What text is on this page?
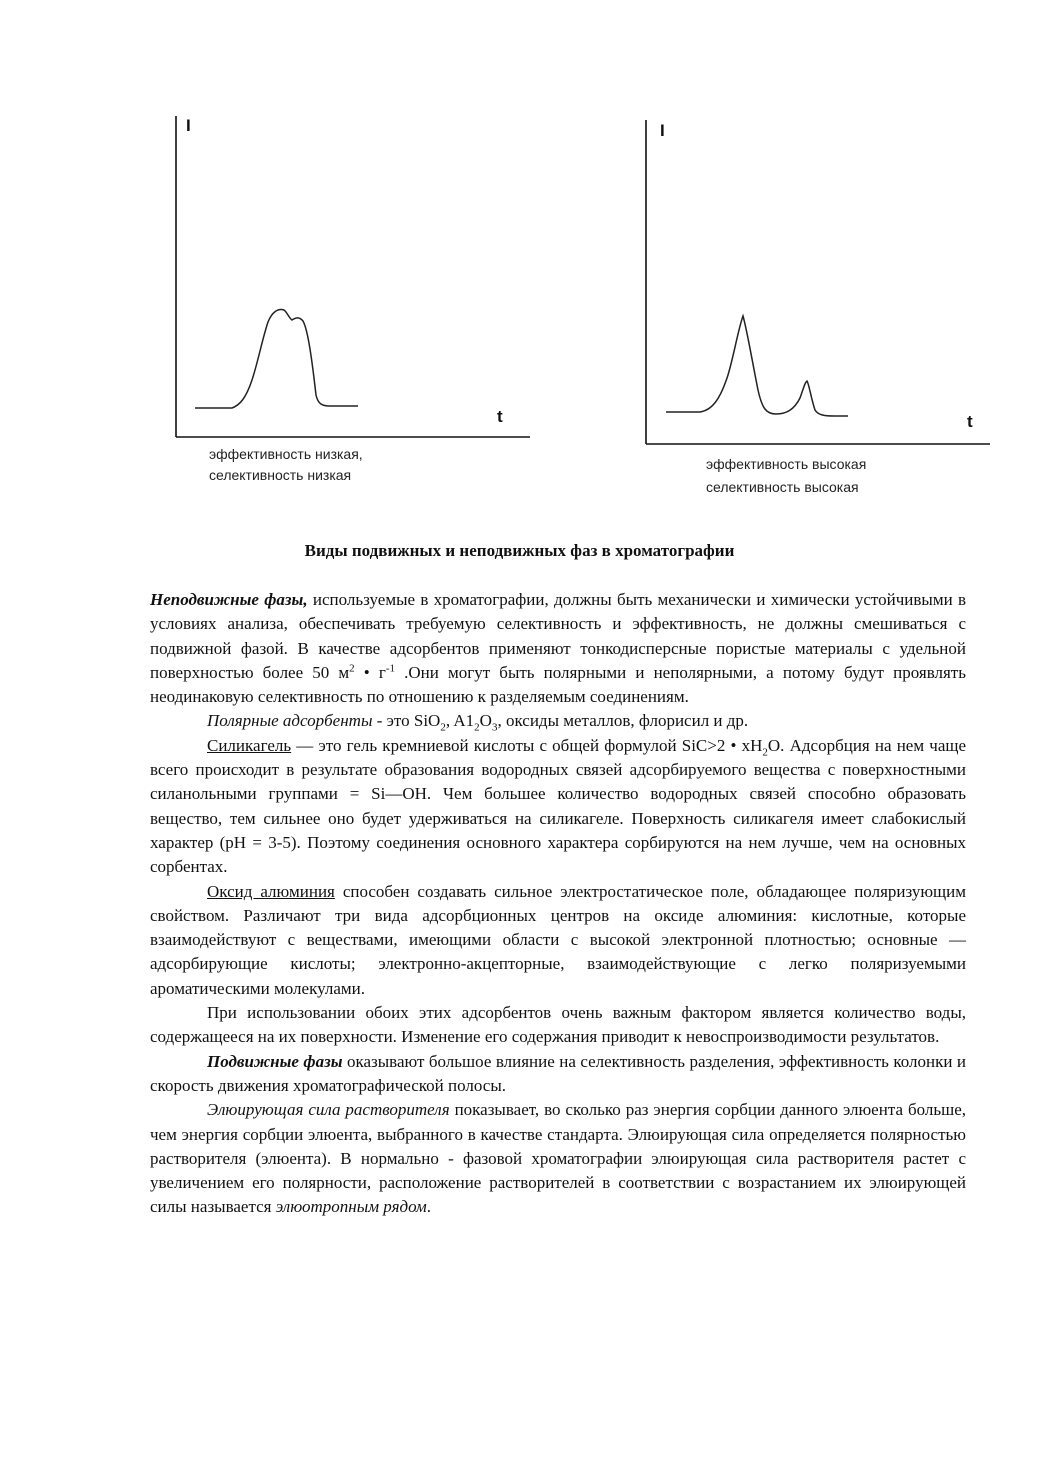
I
t
эффективность низкая,
селективность низкая
I
t
эффективность высокая
селективность высокая
Виды подвижных и неподвижных фаз в хроматографии

Неподвижные фазы, используемые в хроматографии, должны быть механически и химически устойчивыми в условиях анализа, обеспечивать требуемую селективность и эффективность, не должны смешиваться с подвижной фазой. В качестве адсорбентов применяют тонкодисперсные пористые материалы с удельной поверхностью более 50 $м^2$ • $г^{-1}$ .Они могут быть полярными и неполярными, а потому будут проявлять неодинаковую селективность по отношению к разделяемым соединениям.

Полярные адсорбенты - это SiO$_2$, $A1_2O_3$, оксиды металлов, флорисил и др.

Силикагель — это гель кремниевой кислоты с общей формулой SiC>2 • $xH_2O$. Адсорбция на нем чаще всего происходит в результате образования водородных связей адсорбируемого вещества с поверхностными силанольными группами = Si—OH. Чем большее количество водородных связей способно образовать вещество, тем сильнее оно будет удерживаться на силикагеле. Поверхность силикагеля имеет слабокислый характер (pH = 3-5). Поэтому соединения основного характера сорбируются на нем лучше, чем на основных сорбентах.

Оксид алюминия способен создавать сильное электростатическое поле, обладающее поляризующим свойством. Различают три вида адсорбционных центров на оксиде алюминия: кислотные, которые взаимодействуют с веществами, имеющими области с высокой электронной плотностью; основные — адсорбирующие кислоты; электронно-акцепторные, взаимодействующие с легко поляризуемыми ароматическими молекулами.

При использовании обоих этих адсорбентов очень важным фактором является количество воды, содержащееся на их поверхности. Изменение его содержания приводит к невоспроизводимости результатов.

Подвижные фазы оказывают большое влияние на селективность разделения, эффективность колонки и скорость движения хроматографической полосы.

Элюирующая сила растворителя показывает, во сколько раз энергия сорбции данного элюента больше, чем энергия сорбции элюента, выбранного в качестве стандарта. Элюирующая сила определяется полярностью растворителя (элюента). В нормально - фазовой хроматографии элюирующая сила растворителя растет с увеличением его полярности, расположение растворителей в соответствии с возрастанием их элюирующей силы называется элюотропным рядом.
